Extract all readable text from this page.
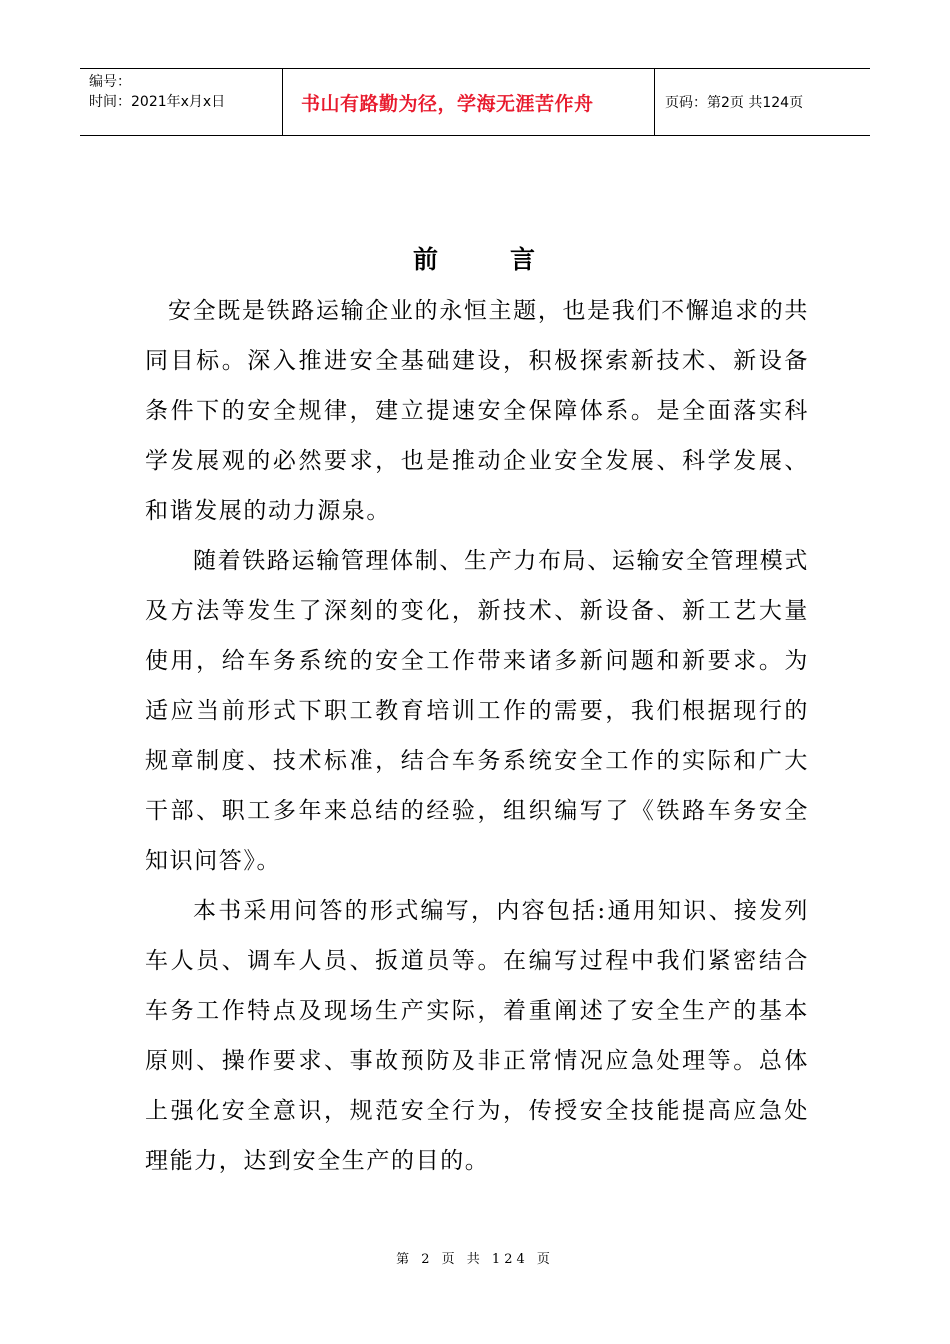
编号：
时间：2021年x月x日	书山有路勤为径，学海无涯苦作舟	页码：第2页 共124页
前	言

安全既是铁路运输企业的永恒主题，也是我们不懈追求的共同目标。深入推进安全基础建设，积极探索新技术、新设备条件下的安全规律，建立提速安全保障体系。是全面落实科学发展观的必然要求，也是推动企业安全发展、科学发展、和谐发展的动力源泉。

随着铁路运输管理体制、生产力布局、运输安全管理模式及方法等发生了深刻的变化，新技术、新设备、新工艺大量使用，给车务系统的安全工作带来诸多新问题和新要求。为适应当前形式下职工教育培训工作的需要，我们根据现行的规章制度、技术标准，结合车务系统安全工作的实际和广大干部、职工多年来总结的经验，组织编写了《铁路车务安全知识问答》。

本书采用问答的形式编写，内容包括:通用知识、接发列车人员、调车人员、扳道员等。在编写过程中我们紧密结合车务工作特点及现场生产实际，着重阐述了安全生产的基本原则、操作要求、事故预防及非正常情况应急处理等。总体上强化安全意识，规范安全行为，传授安全技能提高应急处理能力，达到安全生产的目的。

第 2 页 共 124 页
